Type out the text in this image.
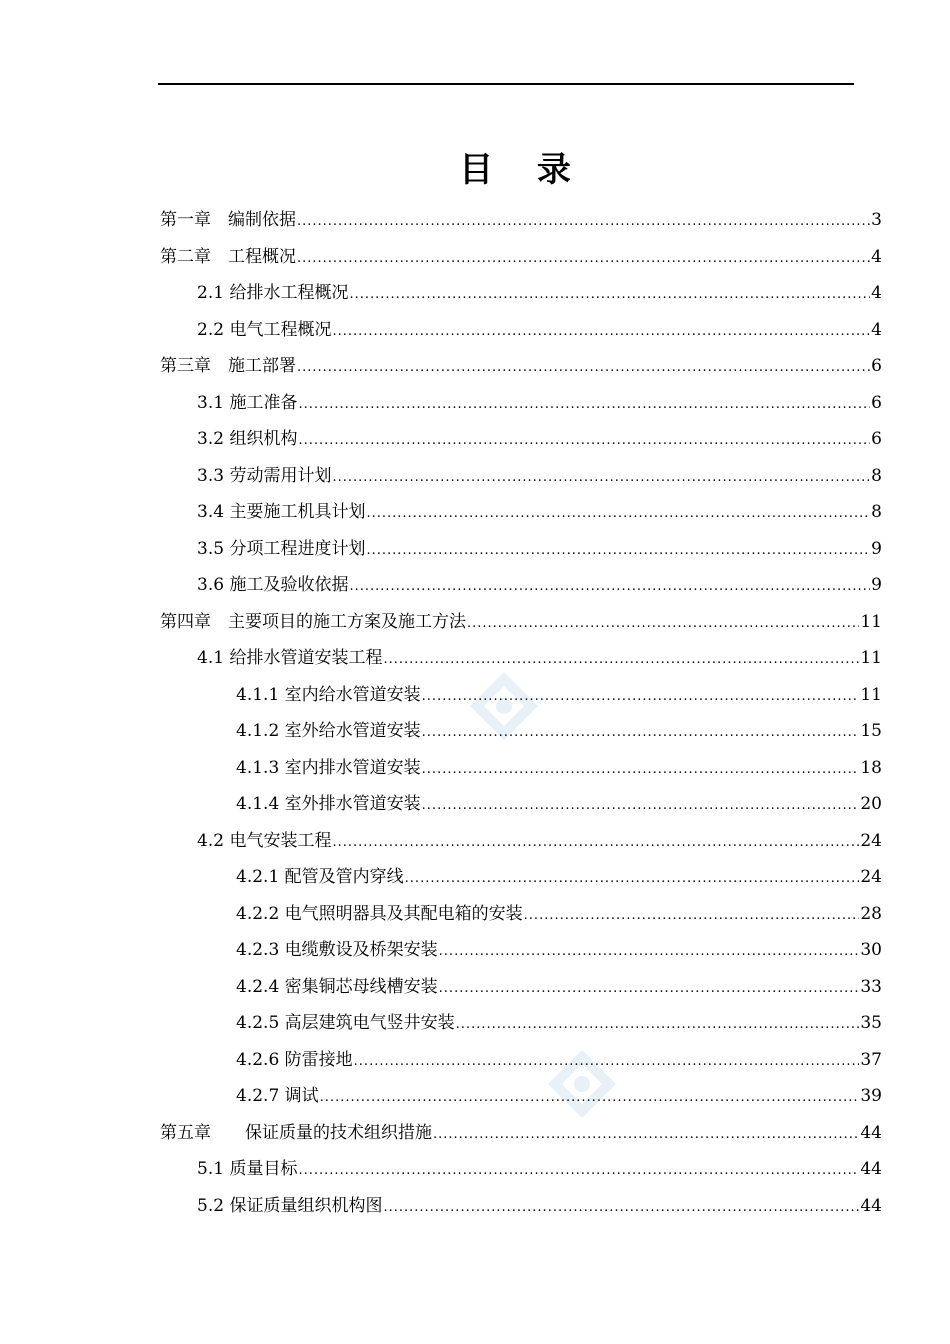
目 录
第一章　编制依据 .....	3
第二章　工程概况 .....	4
2.1 给排水工程概况 .....	4
2.2 电气工程概况 .....	4
第三章　施工部署 .....	6
3.1 施工准备 .....	6
3.2 组织机构 .....	6
3.3 劳动需用计划 .....	8
3.4 主要施工机具计划 .....	8
3.5 分项工程进度计划 .....	9
3.6 施工及验收依据 .....	9
第四章　主要项目的施工方案及施工方法 .....	11
4.1 给排水管道安装工程 .....	11
4.1.1 室内给水管道安装 .....	11
4.1.2 室外给水管道安装 .....	15
4.1.3 室内排水管道安装 .....	18
4.1.4 室外排水管道安装 .....	20
4.2 电气安装工程 .....	24
4.2.1 配管及管内穿线 .....	24
4.2.2 电气照明器具及其配电箱的安装 .....	28
4.2.3 电缆敷设及桥架安装 .....	30
4.2.4 密集铜芯母线槽安装 .....	33
4.2.5 高层建筑电气竖井安装 .....	35
4.2.6 防雷接地 .....	37
4.2.7 调试 .....	39
第五章　　保证质量的技术组织措施 .....	44
5.1 质量目标 .....	44
5.2 保证质量组织机构图 .....	44
